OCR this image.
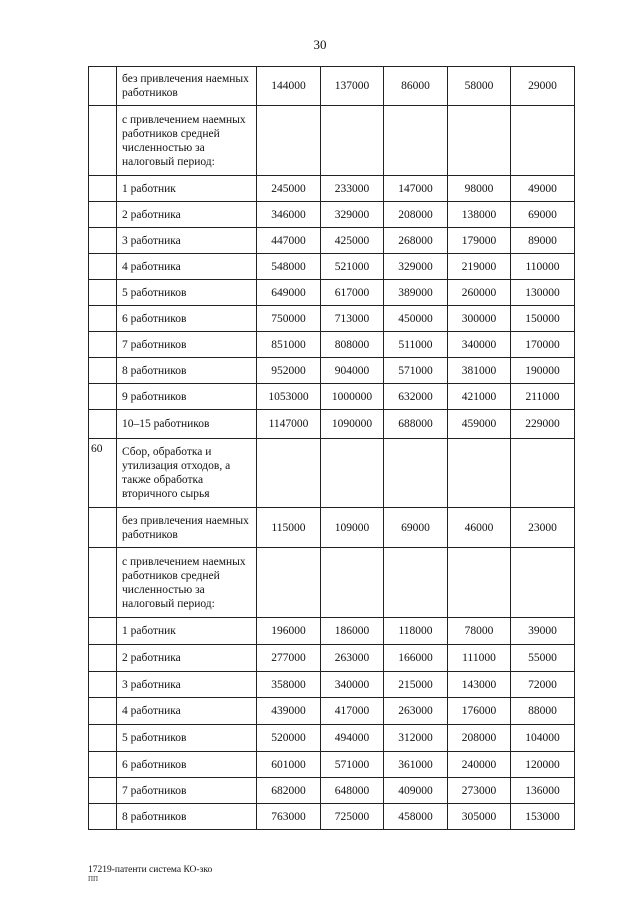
30
	без привлечения наемных работников	144000	137000	86000	58000	29000
	с привлечением наемных работников средней численностью за налоговый период:					
	1 работник	245000	233000	147000	98000	49000
	2 работника	346000	329000	208000	138000	69000
	3 работника	447000	425000	268000	179000	89000
	4 работника	548000	521000	329000	219000	110000
	5 работников	649000	617000	389000	260000	130000
	6 работников	750000	713000	450000	300000	150000
	7 работников	851000	808000	511000	340000	170000
	8 работников	952000	904000	571000	381000	190000
	9 работников	1053000	1000000	632000	421000	211000
	10–15 работников	1147000	1090000	688000	459000	229000
60	Сбор, обработка и утилизация отходов, а также обработка вторичного сырья					
	без привлечения наемных работников	115000	109000	69000	46000	23000
	с привлечением наемных работников средней численностью за налоговый период:					
	1 работник	196000	186000	118000	78000	39000
	2 работника	277000	263000	166000	111000	55000
	3 работника	358000	340000	215000	143000	72000
	4 работника	439000	417000	263000	176000	88000
	5 работников	520000	494000	312000	208000	104000
	6 работников	601000	571000	361000	240000	120000
	7 работников	682000	648000	409000	273000	136000
	8 работников	763000	725000	458000	305000	153000
17219-патенти система КО-зко
ПП
